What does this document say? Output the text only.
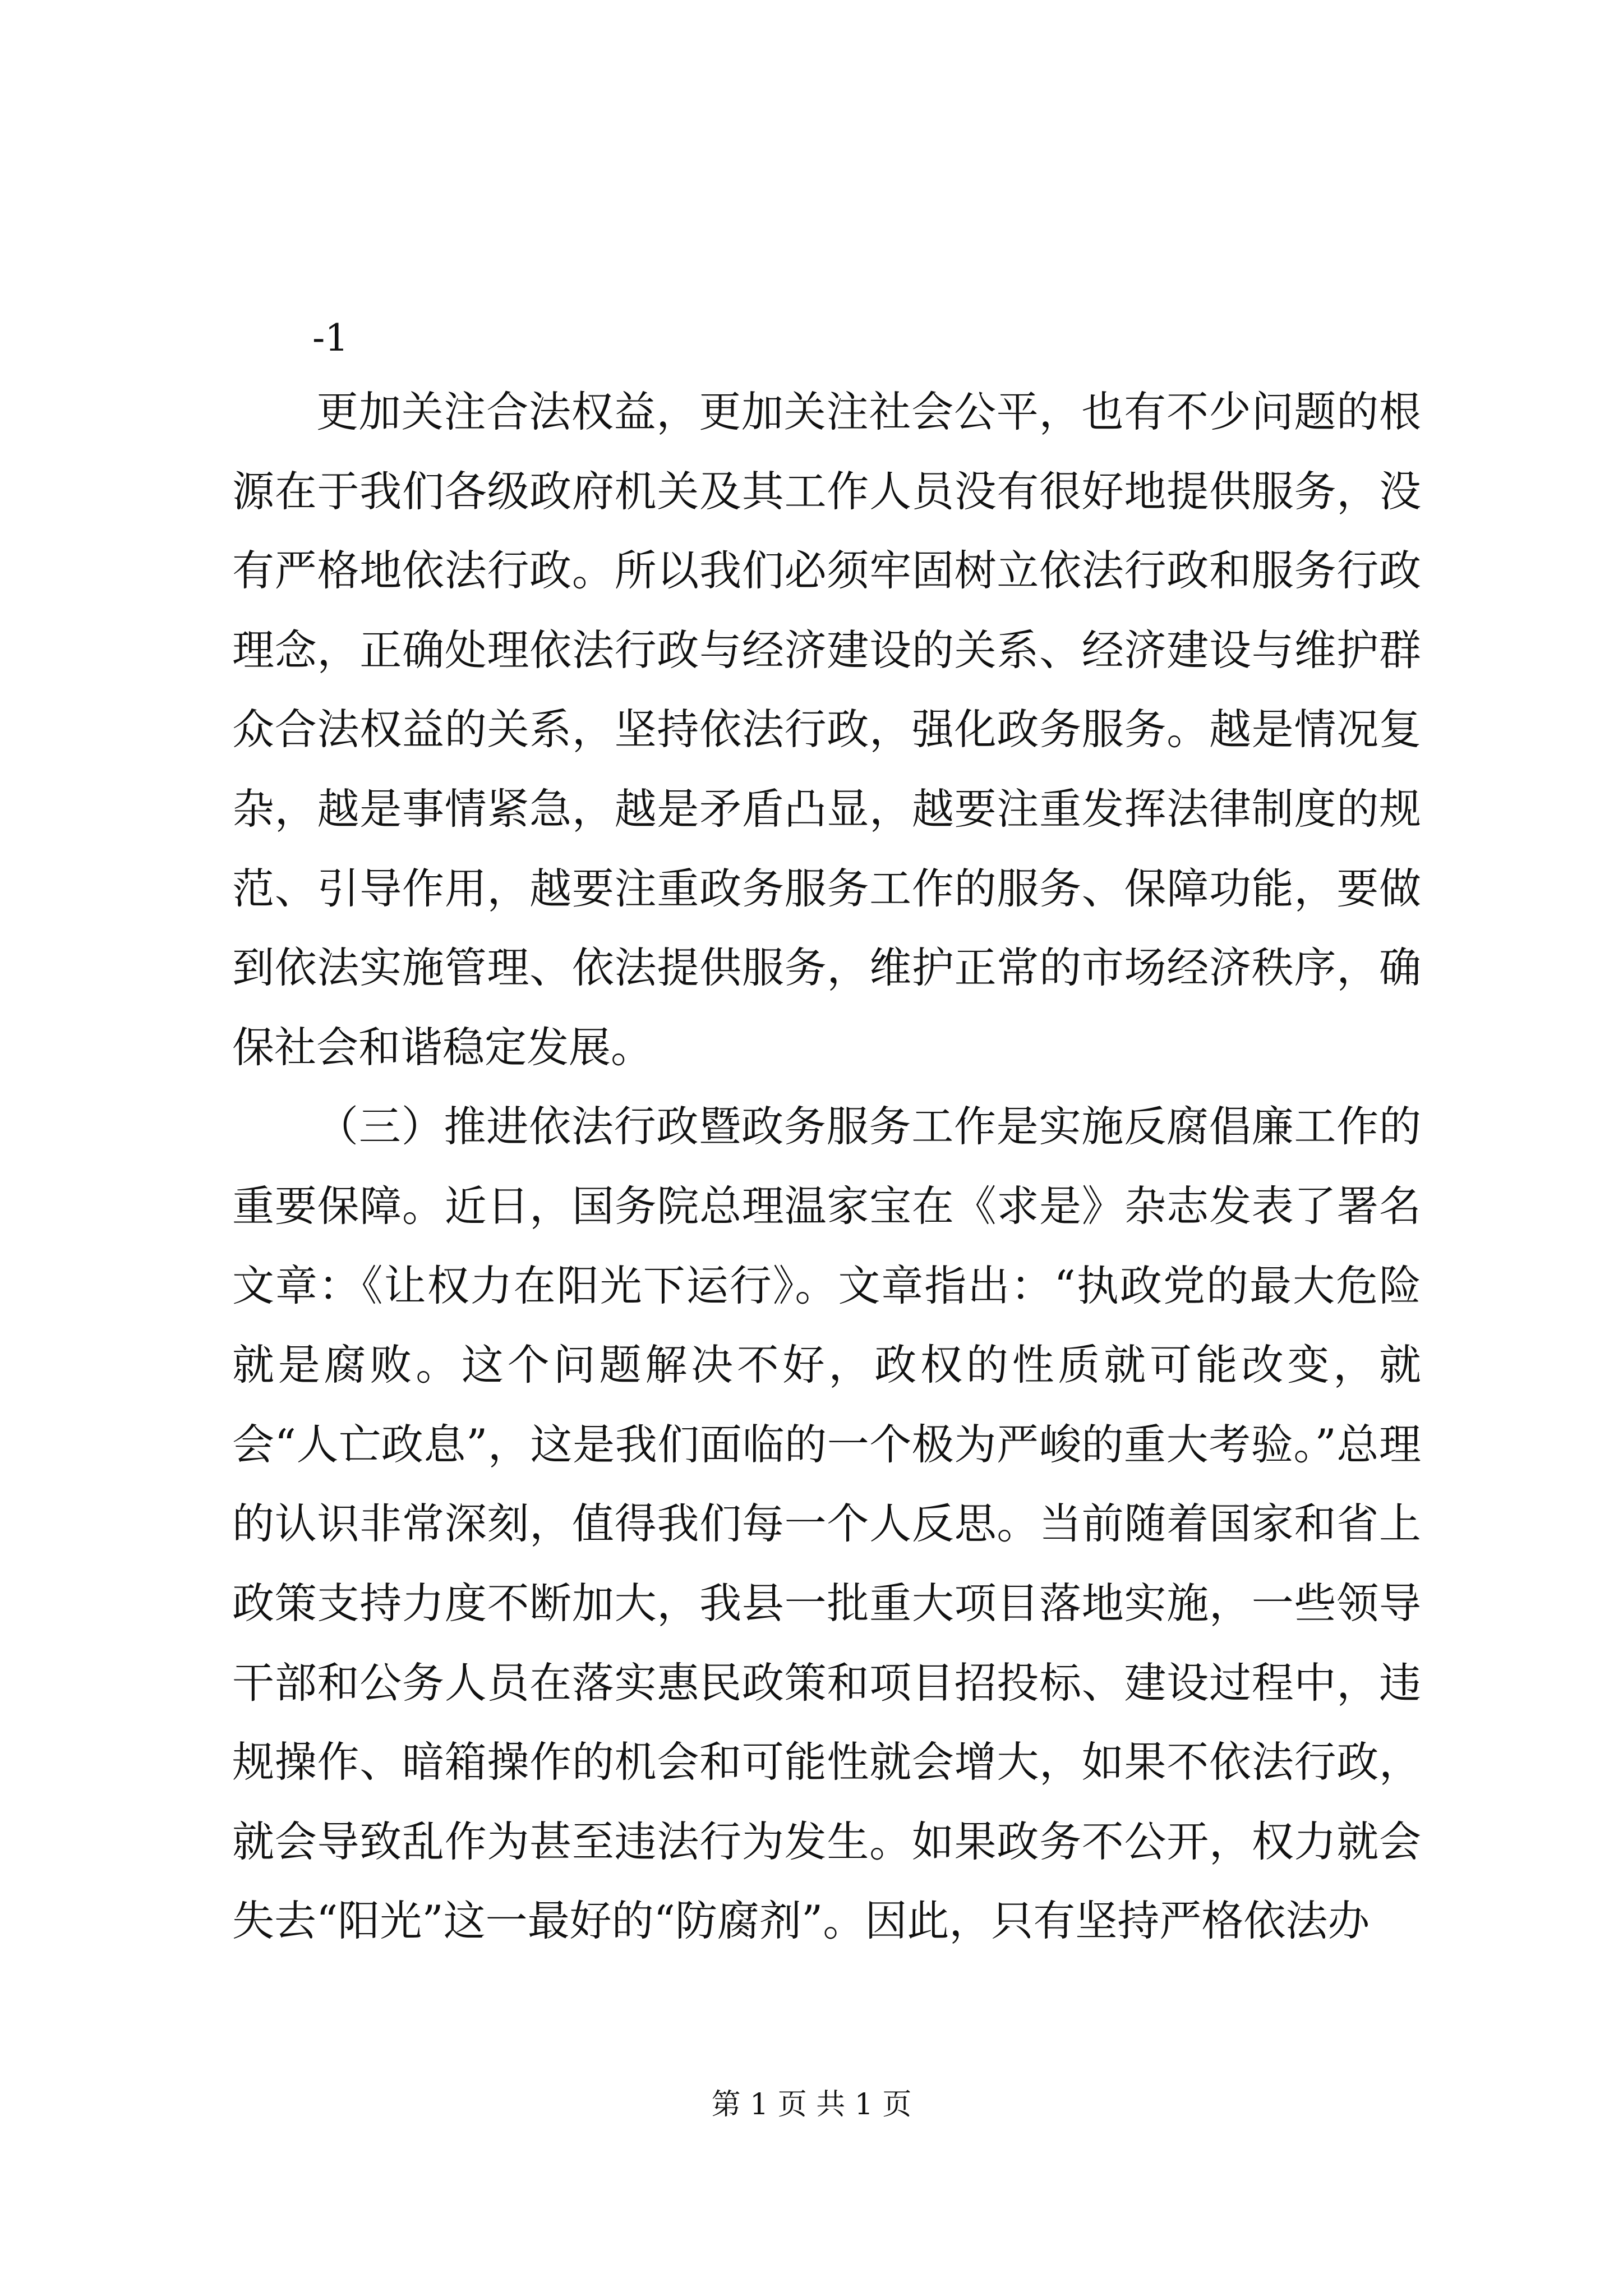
-1

更加关注合法权益，更加关注社会公平，也有不少问题的根源在于我们各级政府机关及其工作人员没有很好地提供服务，没有严格地依法行政。所以我们必须牢固树立依法行政和服务行政理念，正确处理依法行政与经济建设的关系、经济建设与维护群众合法权益的关系，坚持依法行政，强化政务服务。越是情况复杂，越是事情紧急，越是矛盾凸显，越要注重发挥法律制度的规范、引导作用，越要注重政务服务工作的服务、保障功能，要做到依法实施管理、依法提供服务，维护正常的市场经济秩序，确保社会和谐稳定发展。

（三）推进依法行政暨政务服务工作是实施反腐倡廉工作的重要保障。近日，国务院总理温家宝在《求是》杂志发表了署名文章：《让权力在阳光下运行》。文章指出：“执政党的最大危险就是腐败。这个问题解决不好，政权的性质就可能改变，就会“人亡政息”，这是我们面临的一个极为严峻的重大考验。”总理的认识非常深刻，值得我们每一个人反思。当前随着国家和省上政策支持力度不断加大，我县一批重大项目落地实施，一些领导干部和公务人员在落实惠民政策和项目招投标、建设过程中，违规操作、暗箱操作的机会和可能性就会增大，如果不依法行政，就会导致乱作为甚至违法行为发生。如果政务不公开，权力就会失去“阳光”这一最好的“防腐剂”。因此，只有坚持严格依法办

第 1 页 共 1 页
